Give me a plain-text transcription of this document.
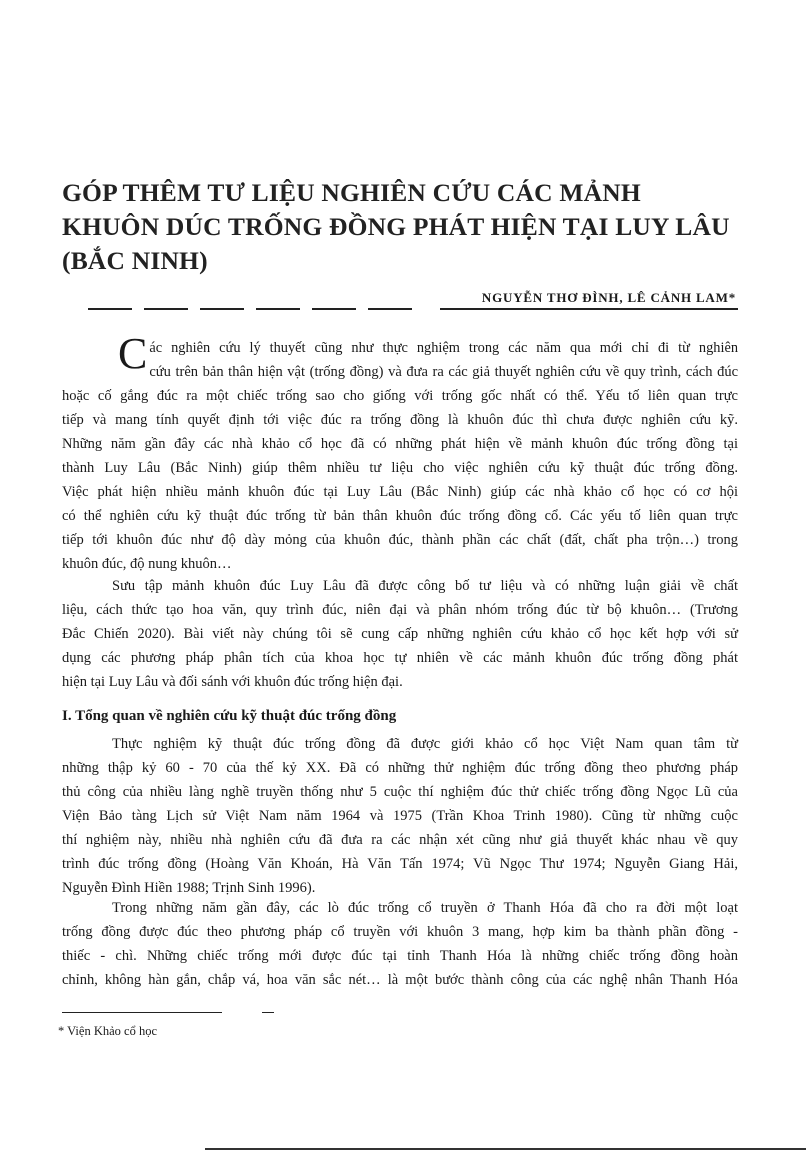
GÓP THÊM TƯ LIỆU NGHIÊN CỨU CÁC MẢNH
KHUÔN DÚC TRỐNG ĐỒNG PHÁT HIỆN TẠI LUY LÂU
(BẮC NINH)
NGUYỄN THƠ ĐÌNH, LÊ CẢNH LAM*
C ác nghiên cứu lý thuyết cũng như thực nghiệm trong các năm qua mới chỉ đi từ nghiên
cứu trên bản thân hiện vật (trống đồng) và đưa ra các giả thuyết nghiên cứu về quy trình, cách đúc
hoặc cố gắng đúc ra một chiếc trống sao cho giống với trống gốc nhất có thể. Yếu tố liên quan trực
tiếp và mang tính quyết định tới việc đúc ra trống đồng là khuôn đúc thì chưa được nghiên cứu kỹ.
Những năm gần đây các nhà khảo cổ học đã có những phát hiện về mảnh khuôn đúc trống đồng tại
thành Luy Lâu (Bắc Ninh) giúp thêm nhiều tư liệu cho việc nghiên cứu kỹ thuật đúc trống đồng.
Việc phát hiện nhiều mảnh khuôn đúc tại Luy Lâu (Bắc Ninh) giúp các nhà khảo cổ học có cơ hội
có thể nghiên cứu kỹ thuật đúc trống từ bản thân khuôn đúc trống đồng cổ. Các yếu tố liên quan trực
tiếp tới khuôn đúc như độ dày mỏng của khuôn đúc, thành phần các chất (đất, chất pha trộn…) trong
khuôn đúc, độ nung khuôn…
Sưu tập mảnh khuôn đúc Luy Lâu đã được công bố tư liệu và có những luận giải về chất
liệu, cách thức tạo hoa văn, quy trình đúc, niên đại và phân nhóm trống đúc từ bộ khuôn… (Trương
Đắc Chiến 2020). Bài viết này chúng tôi sẽ cung cấp những nghiên cứu khảo cổ học kết hợp với sử
dụng các phương pháp phân tích của khoa học tự nhiên về các mảnh khuôn đúc trống đồng phát
hiện tại Luy Lâu và đối sánh với khuôn đúc trống hiện đại.
I. Tổng quan về nghiên cứu kỹ thuật đúc trống đồng
Thực nghiệm kỹ thuật đúc trống đồng đã được giới khảo cổ học Việt Nam quan tâm từ
những thập kỷ 60 - 70 của thế kỷ XX. Đã có những thử nghiệm đúc trống đồng theo phương pháp
thủ công của nhiều làng nghề truyền thống như 5 cuộc thí nghiệm đúc thử chiếc trống đồng Ngọc Lũ của
Viện Bảo tàng Lịch sử Việt Nam năm 1964 và 1975 (Trần Khoa Trinh 1980). Cũng từ những cuộc
thí nghiệm này, nhiều nhà nghiên cứu đã đưa ra các nhận xét cũng như giả thuyết khác nhau về quy
trình đúc trống đồng (Hoàng Văn Khoán, Hà Văn Tấn 1974; Vũ Ngọc Thư 1974; Nguyễn Giang Hải,
Nguyễn Đình Hiền 1988; Trịnh Sinh 1996).
Trong những năm gần đây, các lò đúc trống cổ truyền ở Thanh Hóa đã cho ra đời một loạt
trống đồng được đúc theo phương pháp cổ truyền với khuôn 3 mang, hợp kim ba thành phần đồng -
thiếc - chì. Những chiếc trống mới được đúc tại tỉnh Thanh Hóa là những chiếc trống đồng hoàn
chỉnh, không hàn gắn, chắp vá, hoa văn sắc nét… là một bước thành công của các nghệ nhân Thanh Hóa
* Viện Khảo cổ học
